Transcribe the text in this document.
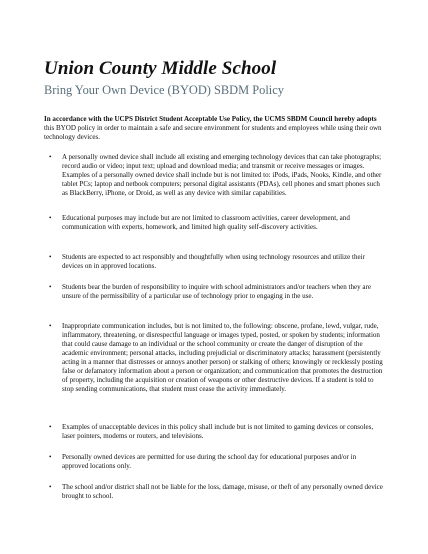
Union County Middle School
Bring Your Own Device (BYOD) SBDM Policy
In accordance with the UCPS District Student Acceptable Use Policy, the UCMS SBDM Council hereby adopts this BYOD policy in order to maintain a safe and secure environment for students and employees while using their own technology devices.
• A personally owned device shall include all existing and emerging technology devices that can take photographs; record audio or video; input text; upload and download media; and transmit or receive messages or images. Examples of a personally owned device shall include but is not limited to: iPods, iPads, Nooks, Kindle, and other tablet PCs; laptop and netbook computers; personal digital assistants (PDAs), cell phones and smart phones such as BlackBerry, iPhone, or Droid, as well as any device with similar capabilities.
• Educational purposes may include but are not limited to classroom activities, career development, and communication with experts, homework, and limited high quality self-discovery activities.
• Students are expected to act responsibly and thoughtfully when using technology resources and utilize their devices on in approved locations.
• Students bear the burden of responsibility to inquire with school administrators and/or teachers when they are unsure of the permissibility of a particular use of technology prior to engaging in the use.
• Inappropriate communication includes, but is not limited to, the following: obscene, profane, lewd, vulgar, rude, inflammatory, threatening, or disrespectful language or images typed, posted, or spoken by students; information that could cause damage to an individual or the school community or create the danger of disruption of the academic environment; personal attacks, including prejudicial or discriminatory attacks; harassment (persistently acting in a manner that distresses or annoys another person) or stalking of others; knowingly or recklessly posting false or defamatory information about a person or organization; and communication that promotes the destruction of property, including the acquisition or creation of weapons or other destructive devices. If a student is told to stop sending communications, that student must cease the activity immediately.
• Examples of unacceptable devices in this policy shall include but is not limited to gaming devices or consoles, laser pointers, modems or routers, and televisions.
• Personally owned devices are permitted for use during the school day for educational purposes and/or in approved locations only.
• The school and/or district shall not be liable for the loss, damage, misuse, or theft of any personally owned device brought to school.
